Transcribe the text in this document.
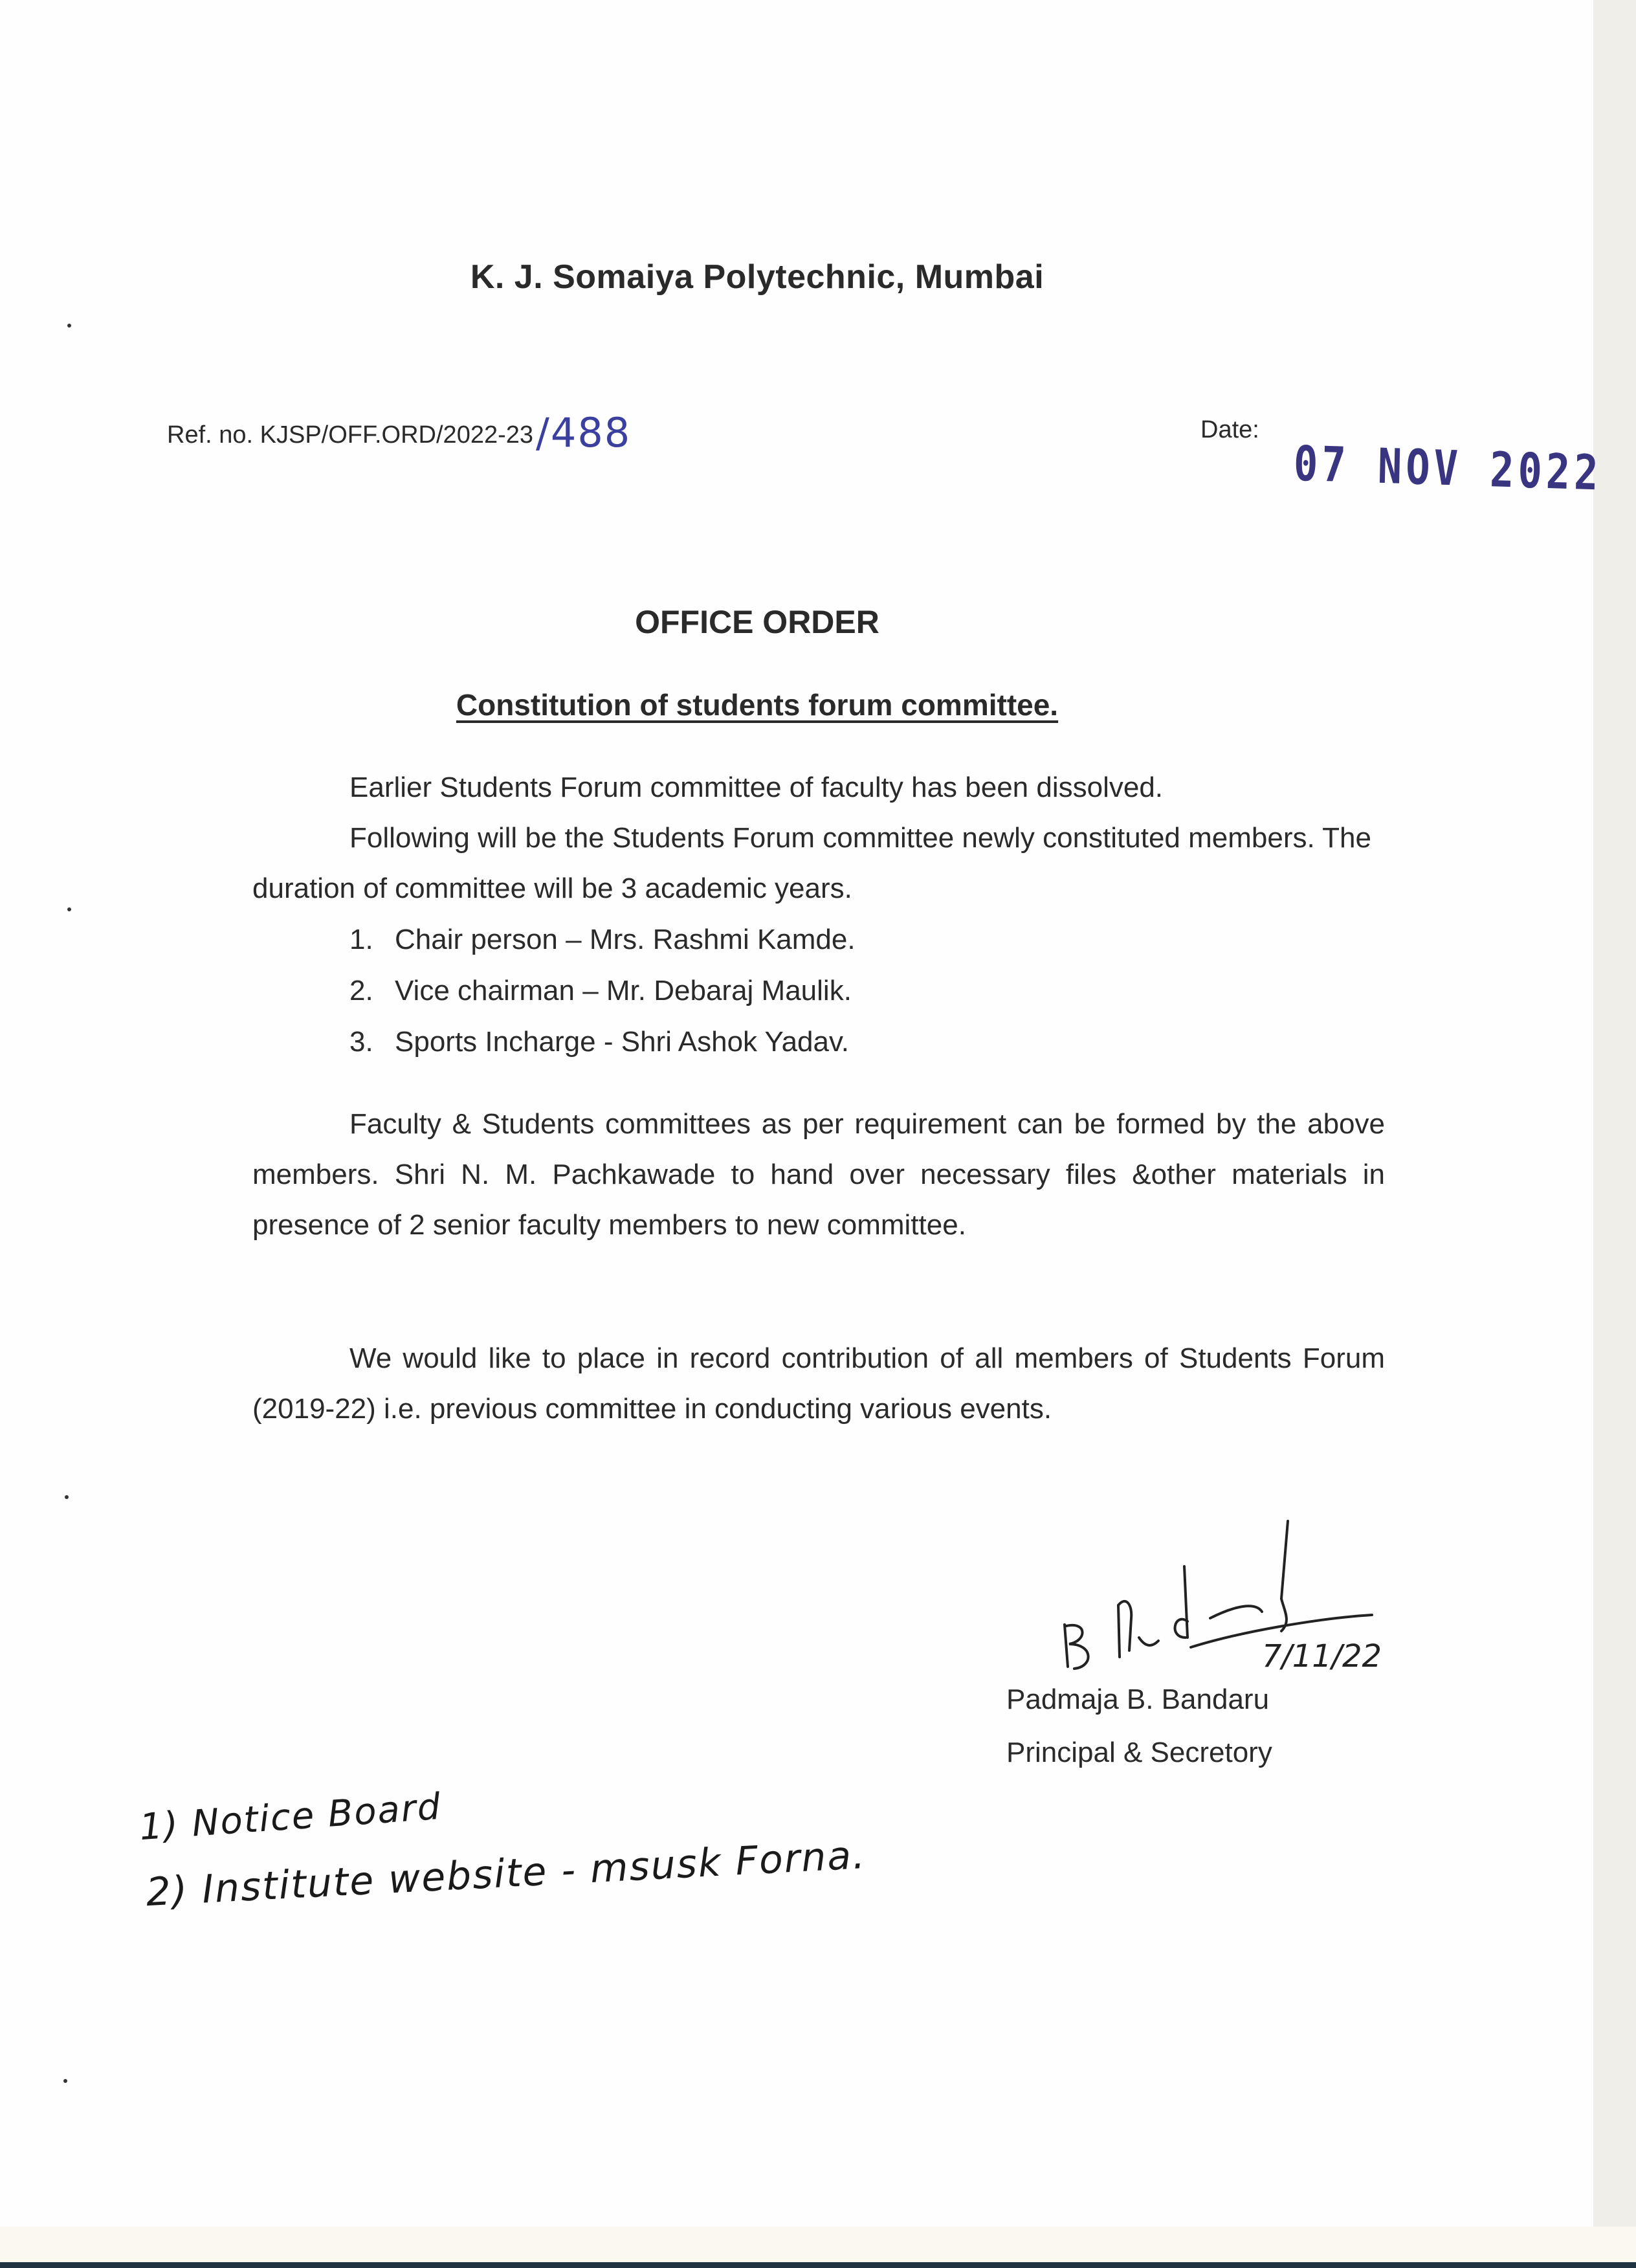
K. J. Somaiya Polytechnic, Mumbai
Ref. no. KJSP/OFF.ORD/2022-23/488	Date:
07 NOV 2022
OFFICE ORDER
Constitution of students forum committee.
Earlier Students Forum committee of faculty has been dissolved.
Following will be the Students Forum committee newly constituted members. The duration of committee will be 3 academic years.
1. Chair person – Mrs. Rashmi Kamde.
2. Vice chairman – Mr. Debaraj Maulik.
3. Sports Incharge - Shri Ashok Yadav.
Faculty & Students committees as per requirement can be formed by the above members. Shri N. M. Pachkawade to hand over necessary files &other materials in presence of 2 senior faculty members to new committee.
We would like to place in record contribution of all members of Students Forum (2019-22) i.e. previous committee in conducting various events.
7/11/22
Padmaja B. Bandaru
Principal & Secretory
1) Notice Board
2) Institute website - msusk Forna.
